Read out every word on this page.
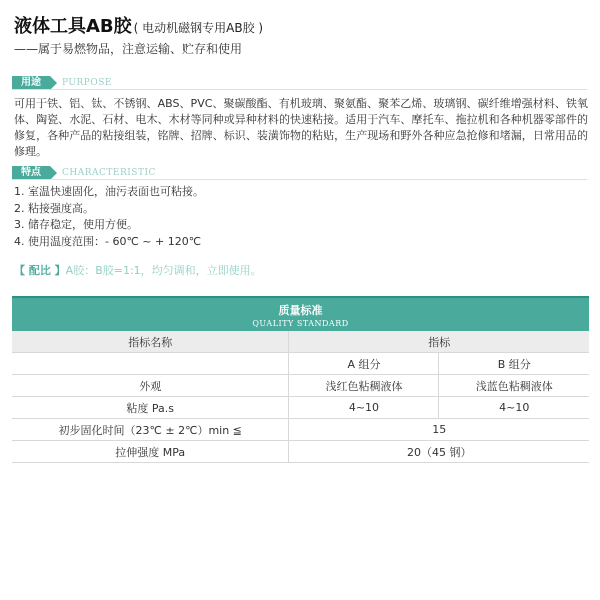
液体工具AB胶 ( 电动机磁钢专用AB胶 )
——属于易燃物品，注意运输、贮存和使用
用途	PURPOSE
可用于铁、铝、钛、不锈钢、ABS、PVC、聚碳酸酯、有机玻璃、聚氨酯、聚苯乙烯、玻璃钢、碳纤维增强材料、铁氧体、陶瓷、水泥、石材、电木、木材等同种或异种材料的快速粘接。适用于汽车、摩托车、拖拉机和各种机器零部件的修复，各种产品的粘接组装，铭牌、招牌、标识、装潢饰物的粘贴，生产现场和野外各种应急抢修和堵漏，日常用品的修理。
特点	CHARACTERISTIC
1. 室温快速固化，油污表面也可粘接。
2. 粘接强度高。
3. 储存稳定，使用方便。
4. 使用温度范围：- 60℃ ~ + 120℃
【 配比 】A胶：B胶=1:1，均匀调和，立即使用。
质量标准
QUALITY STANDARD
指标名称	指标	
	A 组分	B 组分
外观	浅红色粘稠液体	浅蓝色粘稠液体
粘度 Pa.s	4~10	4~10
初步固化时间（23℃ ± 2℃）min ≦	15	
拉伸强度 MPa	20（45 钢）	
